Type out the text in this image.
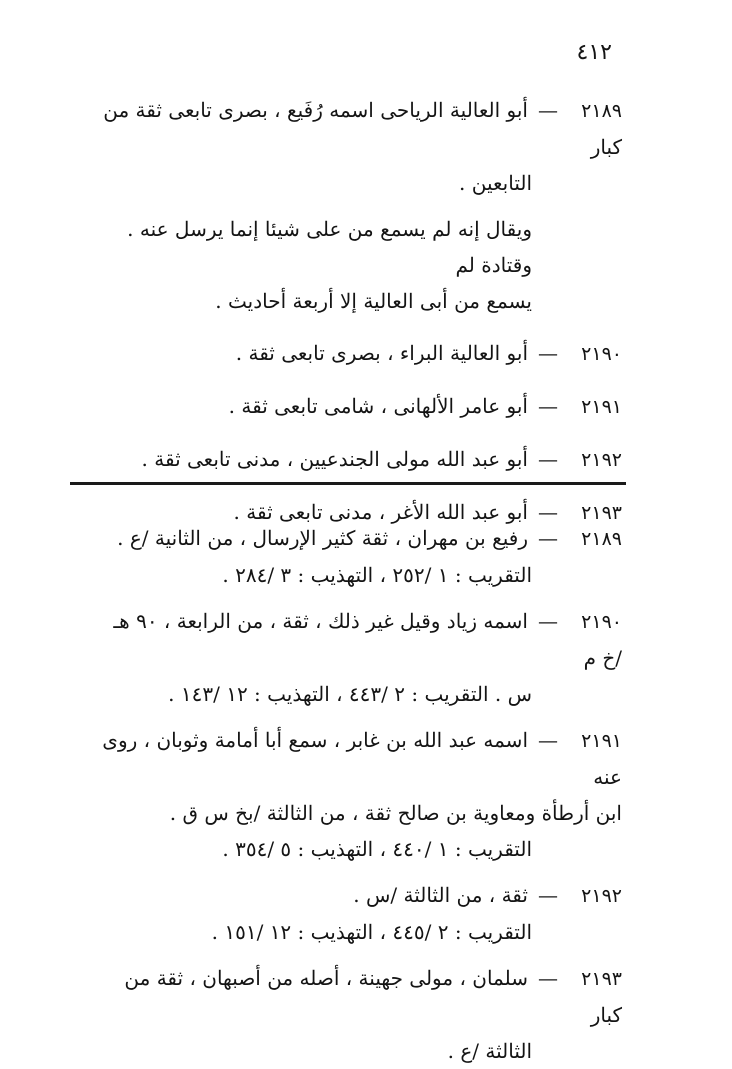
٤١٢
٢١٨٩—أبو العالية الرياحى اسمه رُفَيع ، بصرى تابعى ثقة من كبار
التابعين .
ويقال إنه لم يسمع من على شيئا إنما يرسل عنه . وقتادة لم
يسمع من أبى العالية إلا أربعة أحاديث .
٢١٩٠—أبو العالية البراء ، بصرى تابعى ثقة .
٢١٩١—أبو عامر الألهانى ، شامى تابعى ثقة .
٢١٩٢—أبو عبد الله مولى الجندعيين ، مدنى تابعى ثقة .
٢١٩٣—أبو عبد الله الأغر ، مدنى تابعى ثقة .
٢١٨٩—رفيع بن مهران ، ثقة كثير الإرسال ، من الثانية /ع .
التقريب : ١ /٢٥٢ ، التهذيب : ٣ /٢٨٤ .
٢١٩٠—اسمه زياد وقيل غير ذلك ، ثقة ، من الرابعة ، ٩٠ هـ /خ م
س . التقريب : ٢ /٤٤٣ ، التهذيب : ١٢ /١٤٣ .
٢١٩١—اسمه عبد الله بن غابر ، سمع أبا أمامة وثوبان ، روى عنه
ابن أرطأة ومعاوية بن صالح ثقة ، من الثالثة /بخ س ق .
التقريب : ١ /٤٤٠ ، التهذيب : ٥ /٣٥٤ .
٢١٩٢—ثقة ، من الثالثة /س .
التقريب : ٢ /٤٤٥ ، التهذيب : ١٢ /١٥١ .
٢١٩٣—سلمان ، مولى جهينة ، أصله من أصبهان ، ثقة من كبار
الثالثة /ع .
